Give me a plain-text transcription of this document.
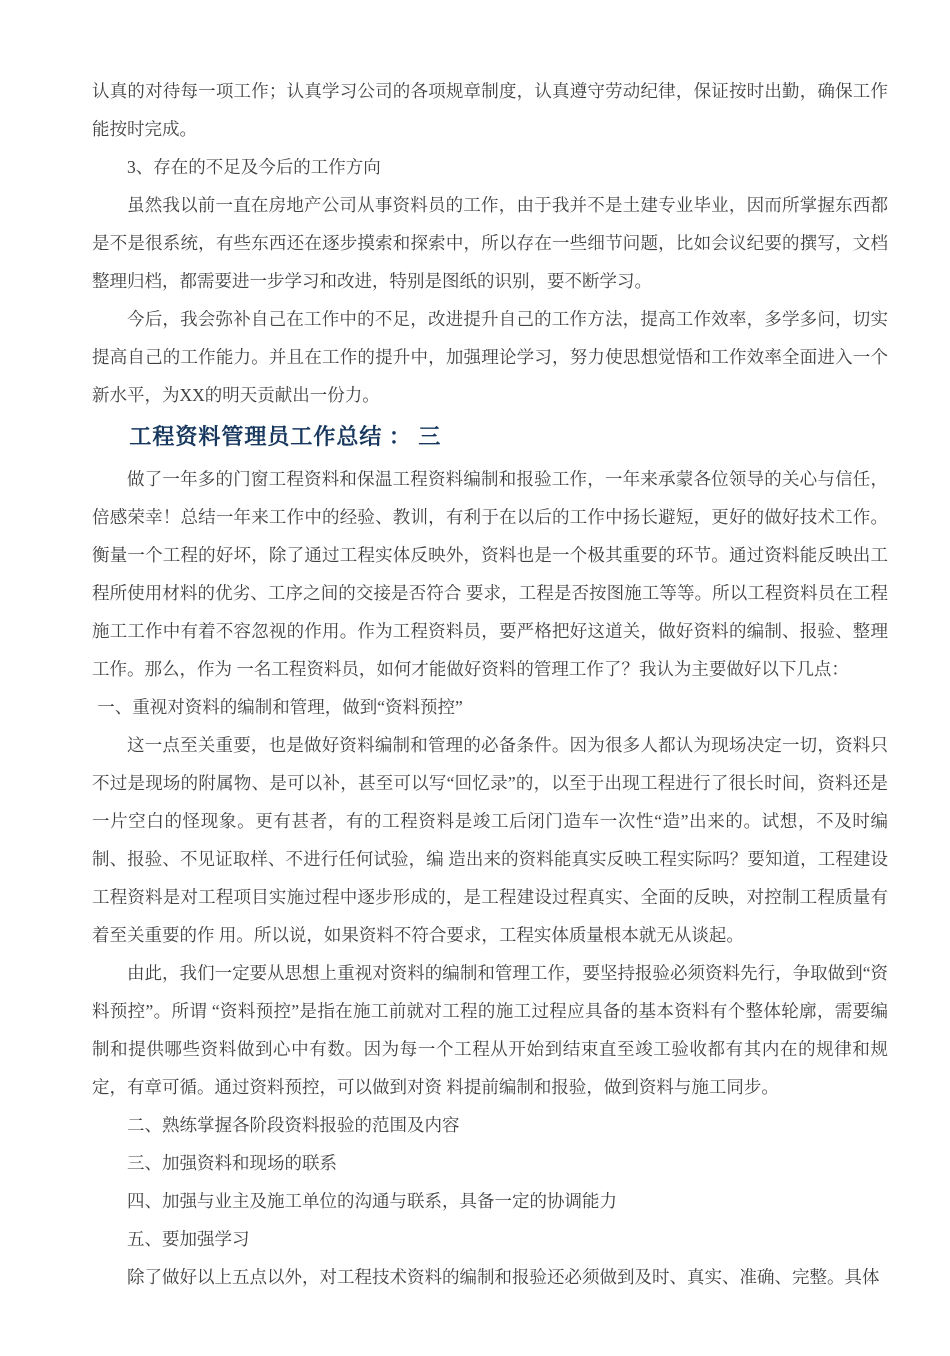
认真的对待每一项工作；认真学习公司的各项规章制度，认真遵守劳动纪律，保证按时出勤，确保工作能按时完成。

3、存在的不足及今后的工作方向

虽然我以前一直在房地产公司从事资料员的工作，由于我并不是土建专业毕业，因而所掌握东西都是不是很系统，有些东西还在逐步摸索和探索中，所以存在一些细节问题，比如会议纪要的撰写，文档整理归档，都需要进一步学习和改进，特别是图纸的识别，要不断学习。

今后，我会弥补自己在工作中的不足，改进提升自己的工作方法，提高工作效率，多学多问，切实提高自己的工作能力。并且在工作的提升中，加强理论学习，努力使思想觉悟和工作效率全面进入一个新水平，为XX的明天贡献出一份力。

工程资料管理员工作总结 ： 三

做了一年多的门窗工程资料和保温工程资料编制和报验工作，一年来承蒙各位领导的关心与信任，倍感荣幸！总结一年来工作中的经验、教训，有利于在以后的工作中扬长避短，更好的做好技术工作。衡量一个工程的好坏，除了通过工程实体反映外，资料也是一个极其重要的环节。通过资料能反映出工程所使用材料的优劣、工序之间的交接是否符合 要求，工程是否按图施工等等。所以工程资料员在工程施工工作中有着不容忽视的作用。作为工程资料员，要严格把好这道关，做好资料的编制、报验、整理工作。那么，作为 一名工程资料员，如何才能做好资料的管理工作了？我认为主要做好以下几点：

一、重视对资料的编制和管理，做到“资料预控”

这一点至关重要，也是做好资料编制和管理的必备条件。因为很多人都认为现场决定一切，资料只不过是现场的附属物、是可以补，甚至可以写“回忆录”的，以至于出现工程进行了很长时间，资料还是一片空白的怪现象。更有甚者，有的工程资料是竣工后闭门造车一次性“造”出来的。试想，不及时编制、报验、不见证取样、不进行任何试验，编 造出来的资料能真实反映工程实际吗？要知道，工程建设工程资料是对工程项目实施过程中逐步形成的，是工程建设过程真实、全面的反映，对控制工程质量有着至关重要的作 用。所以说，如果资料不符合要求，工程实体质量根本就无从谈起。

由此，我们一定要从思想上重视对资料的编制和管理工作，要坚持报验必须资料先行，争取做到“资料预控”。所谓 “资料预控”是指在施工前就对工程的施工过程应具备的基本资料有个整体轮廓，需要编制和提供哪些资料做到心中有数。因为每一个工程从开始到结束直至竣工验收都有其内在的规律和规定，有章可循。通过资料预控，可以做到对资 料提前编制和报验，做到资料与施工同步。

二、熟练掌握各阶段资料报验的范围及内容

三、加强资料和现场的联系

四、加强与业主及施工单位的沟通与联系，具备一定的协调能力

五、要加强学习

除了做好以上五点以外，对工程技术资料的编制和报验还必须做到及时、真实、准确、完整。具体
